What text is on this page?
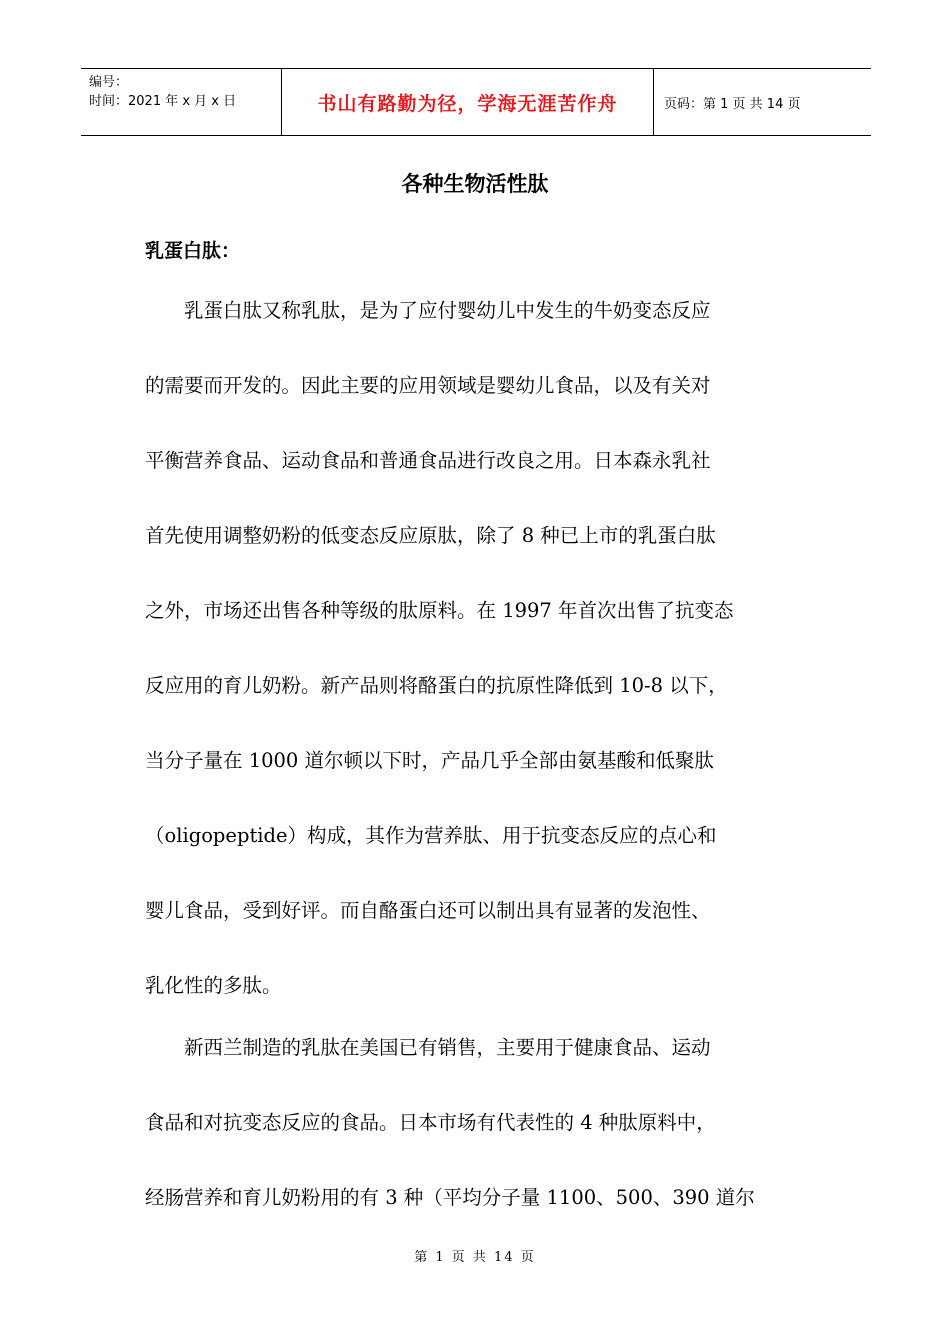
编号：
时间：2021 年 x 月 x 日	书山有路勤为径，学海无涯苦作舟	页码：第 1 页 共 14 页
各种生物活性肽
乳蛋白肽：
　　乳蛋白肽又称乳肽，是为了应付婴幼儿中发生的牛奶变态反应
的需要而开发的。因此主要的应用领域是婴幼儿食品，以及有关对
平衡营养食品、运动食品和普通食品进行改良之用。日本森永乳社
首先使用调整奶粉的低变态反应原肽，除了 8 种已上市的乳蛋白肽
之外，市场还出售各种等级的肽原料。在 1997 年首次出售了抗变态
反应用的育儿奶粉。新产品则将酪蛋白的抗原性降低到 10-8 以下，
当分子量在 1000 道尔顿以下时，产品几乎全部由氨基酸和低聚肽
（oligopeptide）构成，其作为营养肽、用于抗变态反应的点心和
婴儿食品，受到好评。而自酪蛋白还可以制出具有显著的发泡性、
乳化性的多肽。
　　新西兰制造的乳肽在美国已有销售，主要用于健康食品、运动
食品和对抗变态反应的食品。日本市场有代表性的 4 种肽原料中，
经肠营养和育儿奶粉用的有 3 种（平均分子量 1100、500、390 道尔
第 1 页 共 14 页
